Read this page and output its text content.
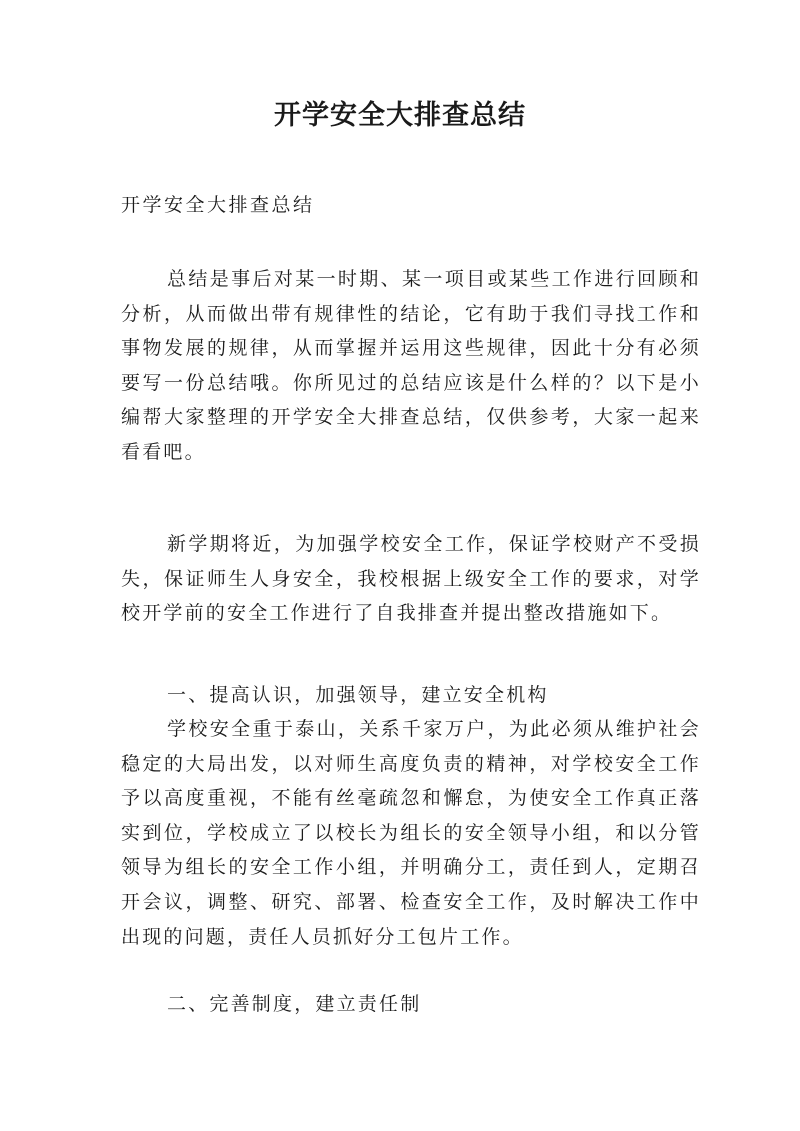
开学安全大排查总结
开学安全大排查总结

总结是事后对某一时期、某一项目或某些工作进行回顾和分析，从而做出带有规律性的结论，它有助于我们寻找工作和事物发展的规律，从而掌握并运用这些规律，因此十分有必须要写一份总结哦。你所见过的总结应该是什么样的？以下是小编帮大家整理的开学安全大排查总结，仅供参考，大家一起来看看吧。

新学期将近，为加强学校安全工作，保证学校财产不受损失，保证师生人身安全，我校根据上级安全工作的要求，对学校开学前的安全工作进行了自我排查并提出整改措施如下。

一、提高认识，加强领导，建立安全机构

学校安全重于泰山，关系千家万户，为此必须从维护社会稳定的大局出发，以对师生高度负责的精神，对学校安全工作予以高度重视，不能有丝毫疏忽和懈怠，为使安全工作真正落实到位，学校成立了以校长为组长的安全领导小组，和以分管领导为组长的安全工作小组，并明确分工，责任到人，定期召开会议，调整、研究、部署、检查安全工作，及时解决工作中出现的问题，责任人员抓好分工包片工作。

二、完善制度，建立责任制
